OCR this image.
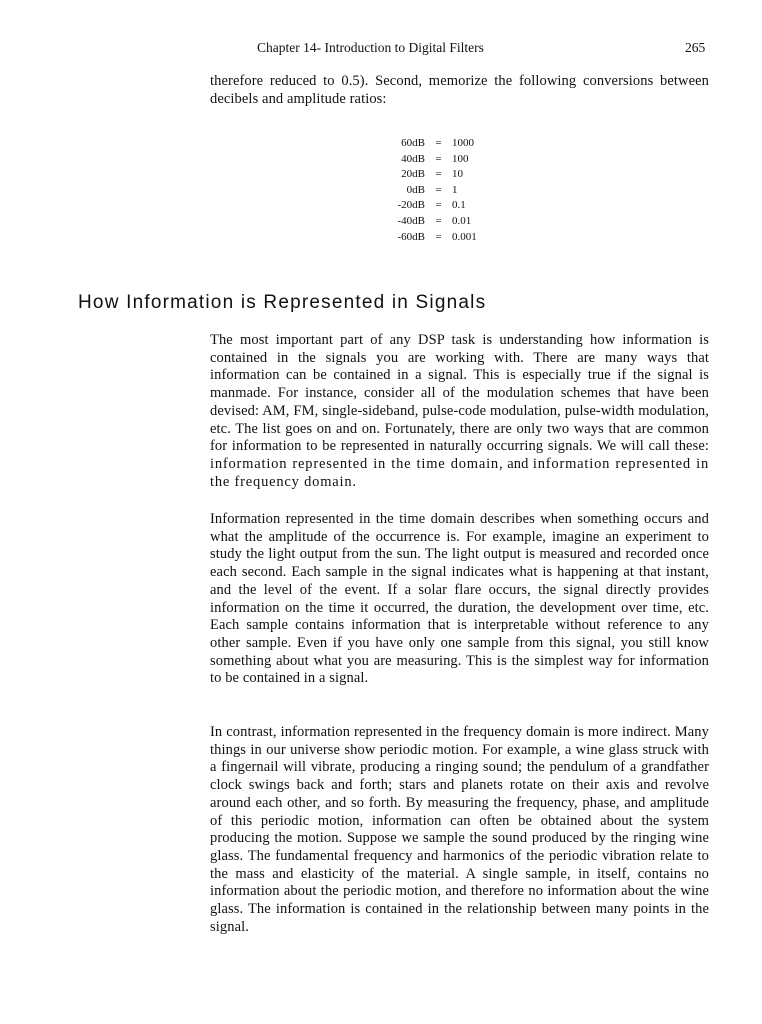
Chapter 14- Introduction to Digital Filters	265

therefore reduced to 0.5). Second, memorize the following conversions between decibels and amplitude ratios:

60dB	=	1000
40dB	=	100
20dB	=	10
0dB	=	1
-20dB	=	0.1
-40dB	=	0.01
-60dB	=	0.001
How Information is Represented in Signals

The most important part of any DSP task is understanding how information is contained in the signals you are working with. There are many ways that information can be contained in a signal. This is especially true if the signal is manmade. For instance, consider all of the modulation schemes that have been devised: AM, FM, single-sideband, pulse-code modulation, pulse-width modulation, etc. The list goes on and on. Fortunately, there are only two ways that are common for information to be represented in naturally occurring signals. We will call these: information represented in the time domain, and information represented in the frequency domain.

Information represented in the time domain describes when something occurs and what the amplitude of the occurrence is. For example, imagine an experiment to study the light output from the sun. The light output is measured and recorded once each second. Each sample in the signal indicates what is happening at that instant, and the level of the event. If a solar flare occurs, the signal directly provides information on the time it occurred, the duration, the development over time, etc. Each sample contains information that is interpretable without reference to any other sample. Even if you have only one sample from this signal, you still know something about what you are measuring. This is the simplest way for information to be contained in a signal.

In contrast, information represented in the frequency domain is more indirect. Many things in our universe show periodic motion. For example, a wine glass struck with a fingernail will vibrate, producing a ringing sound; the pendulum of a grandfather clock swings back and forth; stars and planets rotate on their axis and revolve around each other, and so forth. By measuring the frequency, phase, and amplitude of this periodic motion, information can often be obtained about the system producing the motion. Suppose we sample the sound produced by the ringing wine glass. The fundamental frequency and harmonics of the periodic vibration relate to the mass and elasticity of the material. A single sample, in itself, contains no information about the periodic motion, and therefore no information about the wine glass. The information is contained in the relationship between many points in the signal.
